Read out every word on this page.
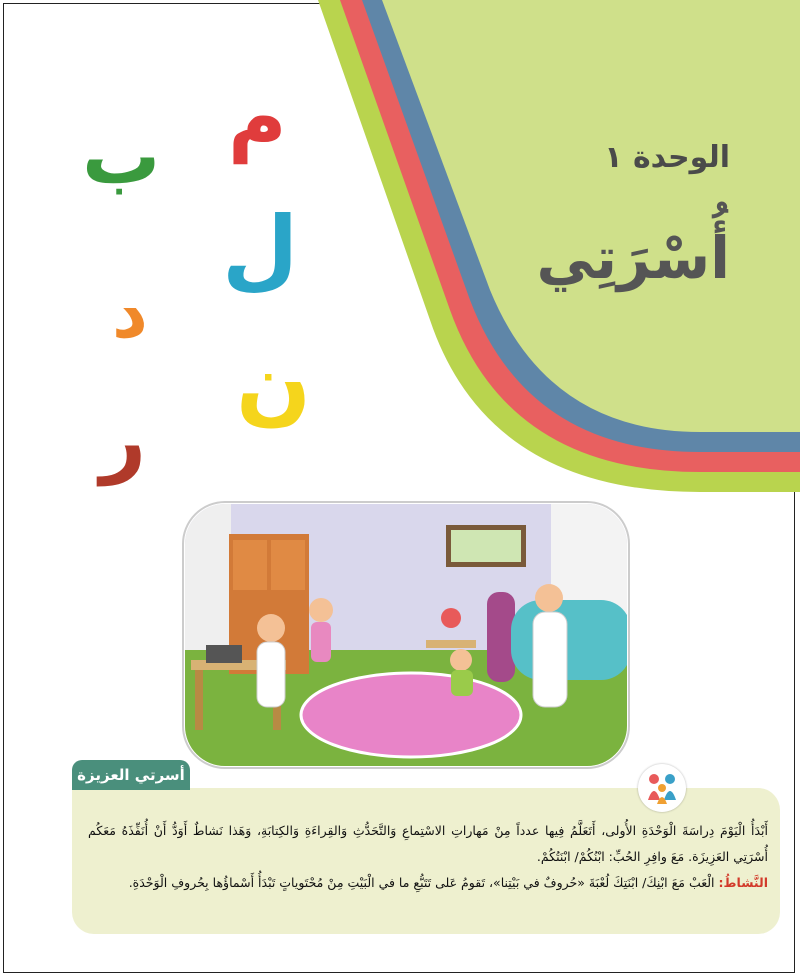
الوحدة ١
أُسْرَتِي
ب م
ل
د
ن
ر
أسرتي العزيزة

أَبْدَأُ الْيَوْمَ دِراسَةَ الْوَحْدَةِ الأُولى، أَتَعَلَّمُ فِيها عدداً مِنْ مَهاراتِ الاسْتِماعِ وَالتَّحَدُّثِ وَالقِراءَةِ وَالكِتابَةِ، وَهَذا نَشاطٌ أَوَدُّ أَنْ أُنَفِّذَهُ مَعَكُم أُسْرَتِي العَزِيزَة. مَعَ وافِرِ الحُبِّ: ابْنُكُمْ/ ابْنَتُكُمْ.

النَّشاطُ: الْعَبْ مَعَ ابْنِكَ/ ابْنَتِكَ لُعْبَةَ «حُروفٌ في بَيْتِنا»، تَقومُ عَلى تَتَبُّعِ ما في الْبَيْتِ مِنْ مُحْتَوياتٍ تَبْدَأُ أَسْماؤُها بِحُروفِ الْوَحْدَةِ.
